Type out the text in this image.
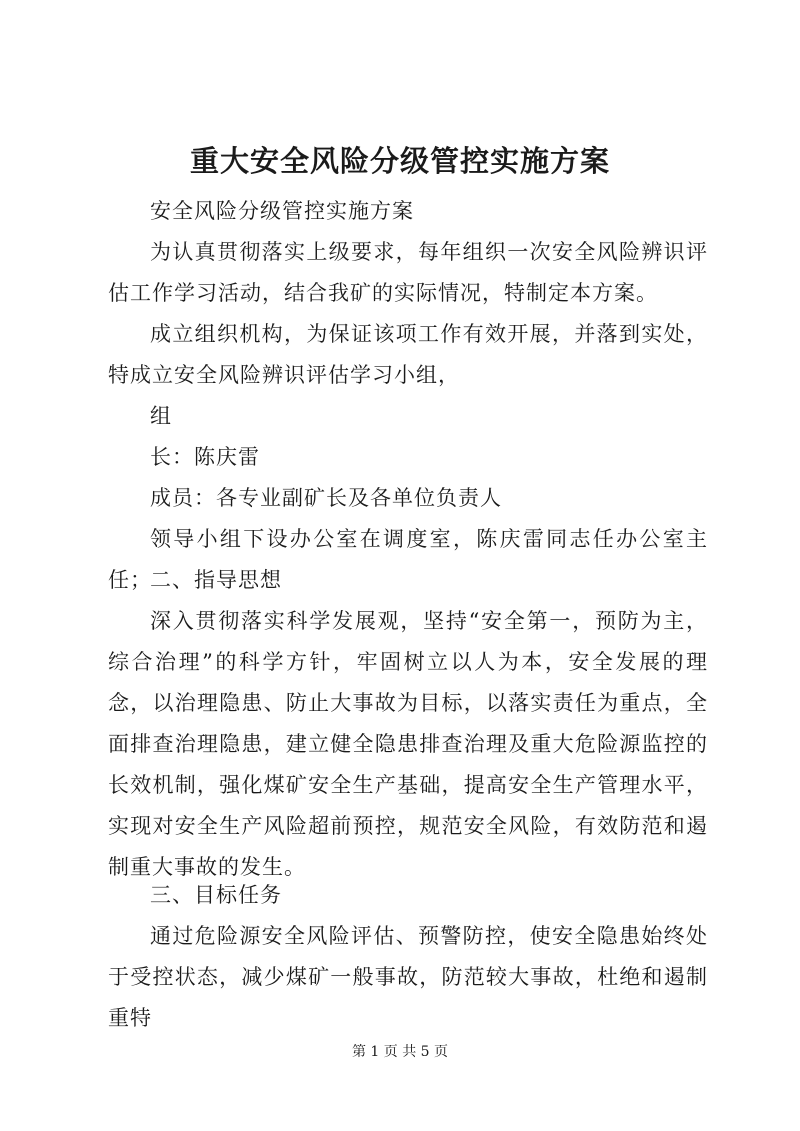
重大安全风险分级管控实施方案
安全风险分级管控实施方案
为认真贯彻落实上级要求，每年组织一次安全风险辨识评估工作学习活动，结合我矿的实际情况，特制定本方案。
成立组织机构，为保证该项工作有效开展，并落到实处，特成立安全风险辨识评估学习小组，
组
长：陈庆雷
成员：各专业副矿长及各单位负责人
领导小组下设办公室在调度室，陈庆雷同志任办公室主任；
二、指导思想
深入贯彻落实科学发展观，坚持“安全第一，预防为主，综合治理”的科学方针，牢固树立以人为本，安全发展的理念，以治理隐患、防止大事故为目标，以落实责任为重点，全面排查治理隐患，建立健全隐患排查治理及重大危险源监控的长效机制，强化煤矿安全生产基础，提高安全生产管理水平，实现对安全生产风险超前预控，规范安全风险，有效防范和遏制重大事故的发生。
三、目标任务
通过危险源安全风险评估、预警防控，使安全隐患始终处于受控状态，减少煤矿一般事故，防范较大事故，杜绝和遏制重特
第 1 页 共 5 页
